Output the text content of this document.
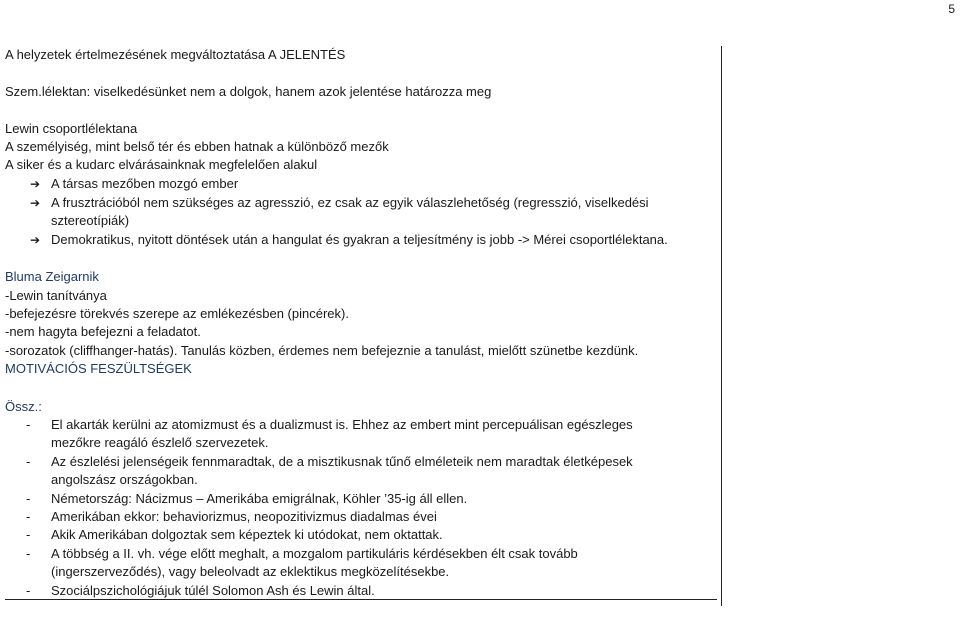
5
A helyzetek értelmezésének megváltoztatása A JELENTÉS
Szem.lélektan: viselkedésünket nem a dolgok, hanem azok jelentése határozza meg
Lewin csoportlélektana
A személyiség, mint belső tér és ebben hatnak a különböző mezők
A siker és a kudarc elvárásainknak megfelelően alakul
➔ A társas mezőben mozgó ember
➔ A frusztrációból nem szükséges az agresszió, ez csak az egyik válaszlehetőség (regresszió, viselkedési
sztereotípiák)
➔ Demokratikus, nyitott döntések után a hangulat és gyakran a teljesítmény is jobb -> Mérei csoportlélektana.
Bluma Zeigarnik
-Lewin tanítványa
-befejezésre törekvés szerepe az emlékezésben (pincérek).
-nem hagyta befejezni a feladatot.
-sorozatok (cliffhanger-hatás). Tanulás közben, érdemes nem befejeznie a tanulást, mielőtt szünetbe kezdünk.
MOTIVÁCIÓS FESZÜLTSÉGEK
Össz.:
- El akarták kerülni az atomizmust és a dualizmust is. Ehhez az embert mint percepuálisan egészleges
mezőkre reagáló észlelő szervezetek.
- Az észlelési jelenségeik fennmaradtak, de a misztikusnak tűnő elméleteik nem maradtak életképesek
angolszász országokban.
- Németország: Nácizmus – Amerikába emigrálnak, Köhler ’35-ig áll ellen.
- Amerikában ekkor: behaviorizmus, neopozitivizmus diadalmas évei
- Akik Amerikában dolgoztak sem képeztek ki utódokat, nem oktattak.
- A többség a II. vh. vége előtt meghalt, a mozgalom partikuláris kérdésekben élt csak tovább
(ingerszerveződés), vagy beleolvadt az eklektikus megközelítésekbe.
- Szociálpszichológiájuk túlél Solomon Ash és Lewin által.
